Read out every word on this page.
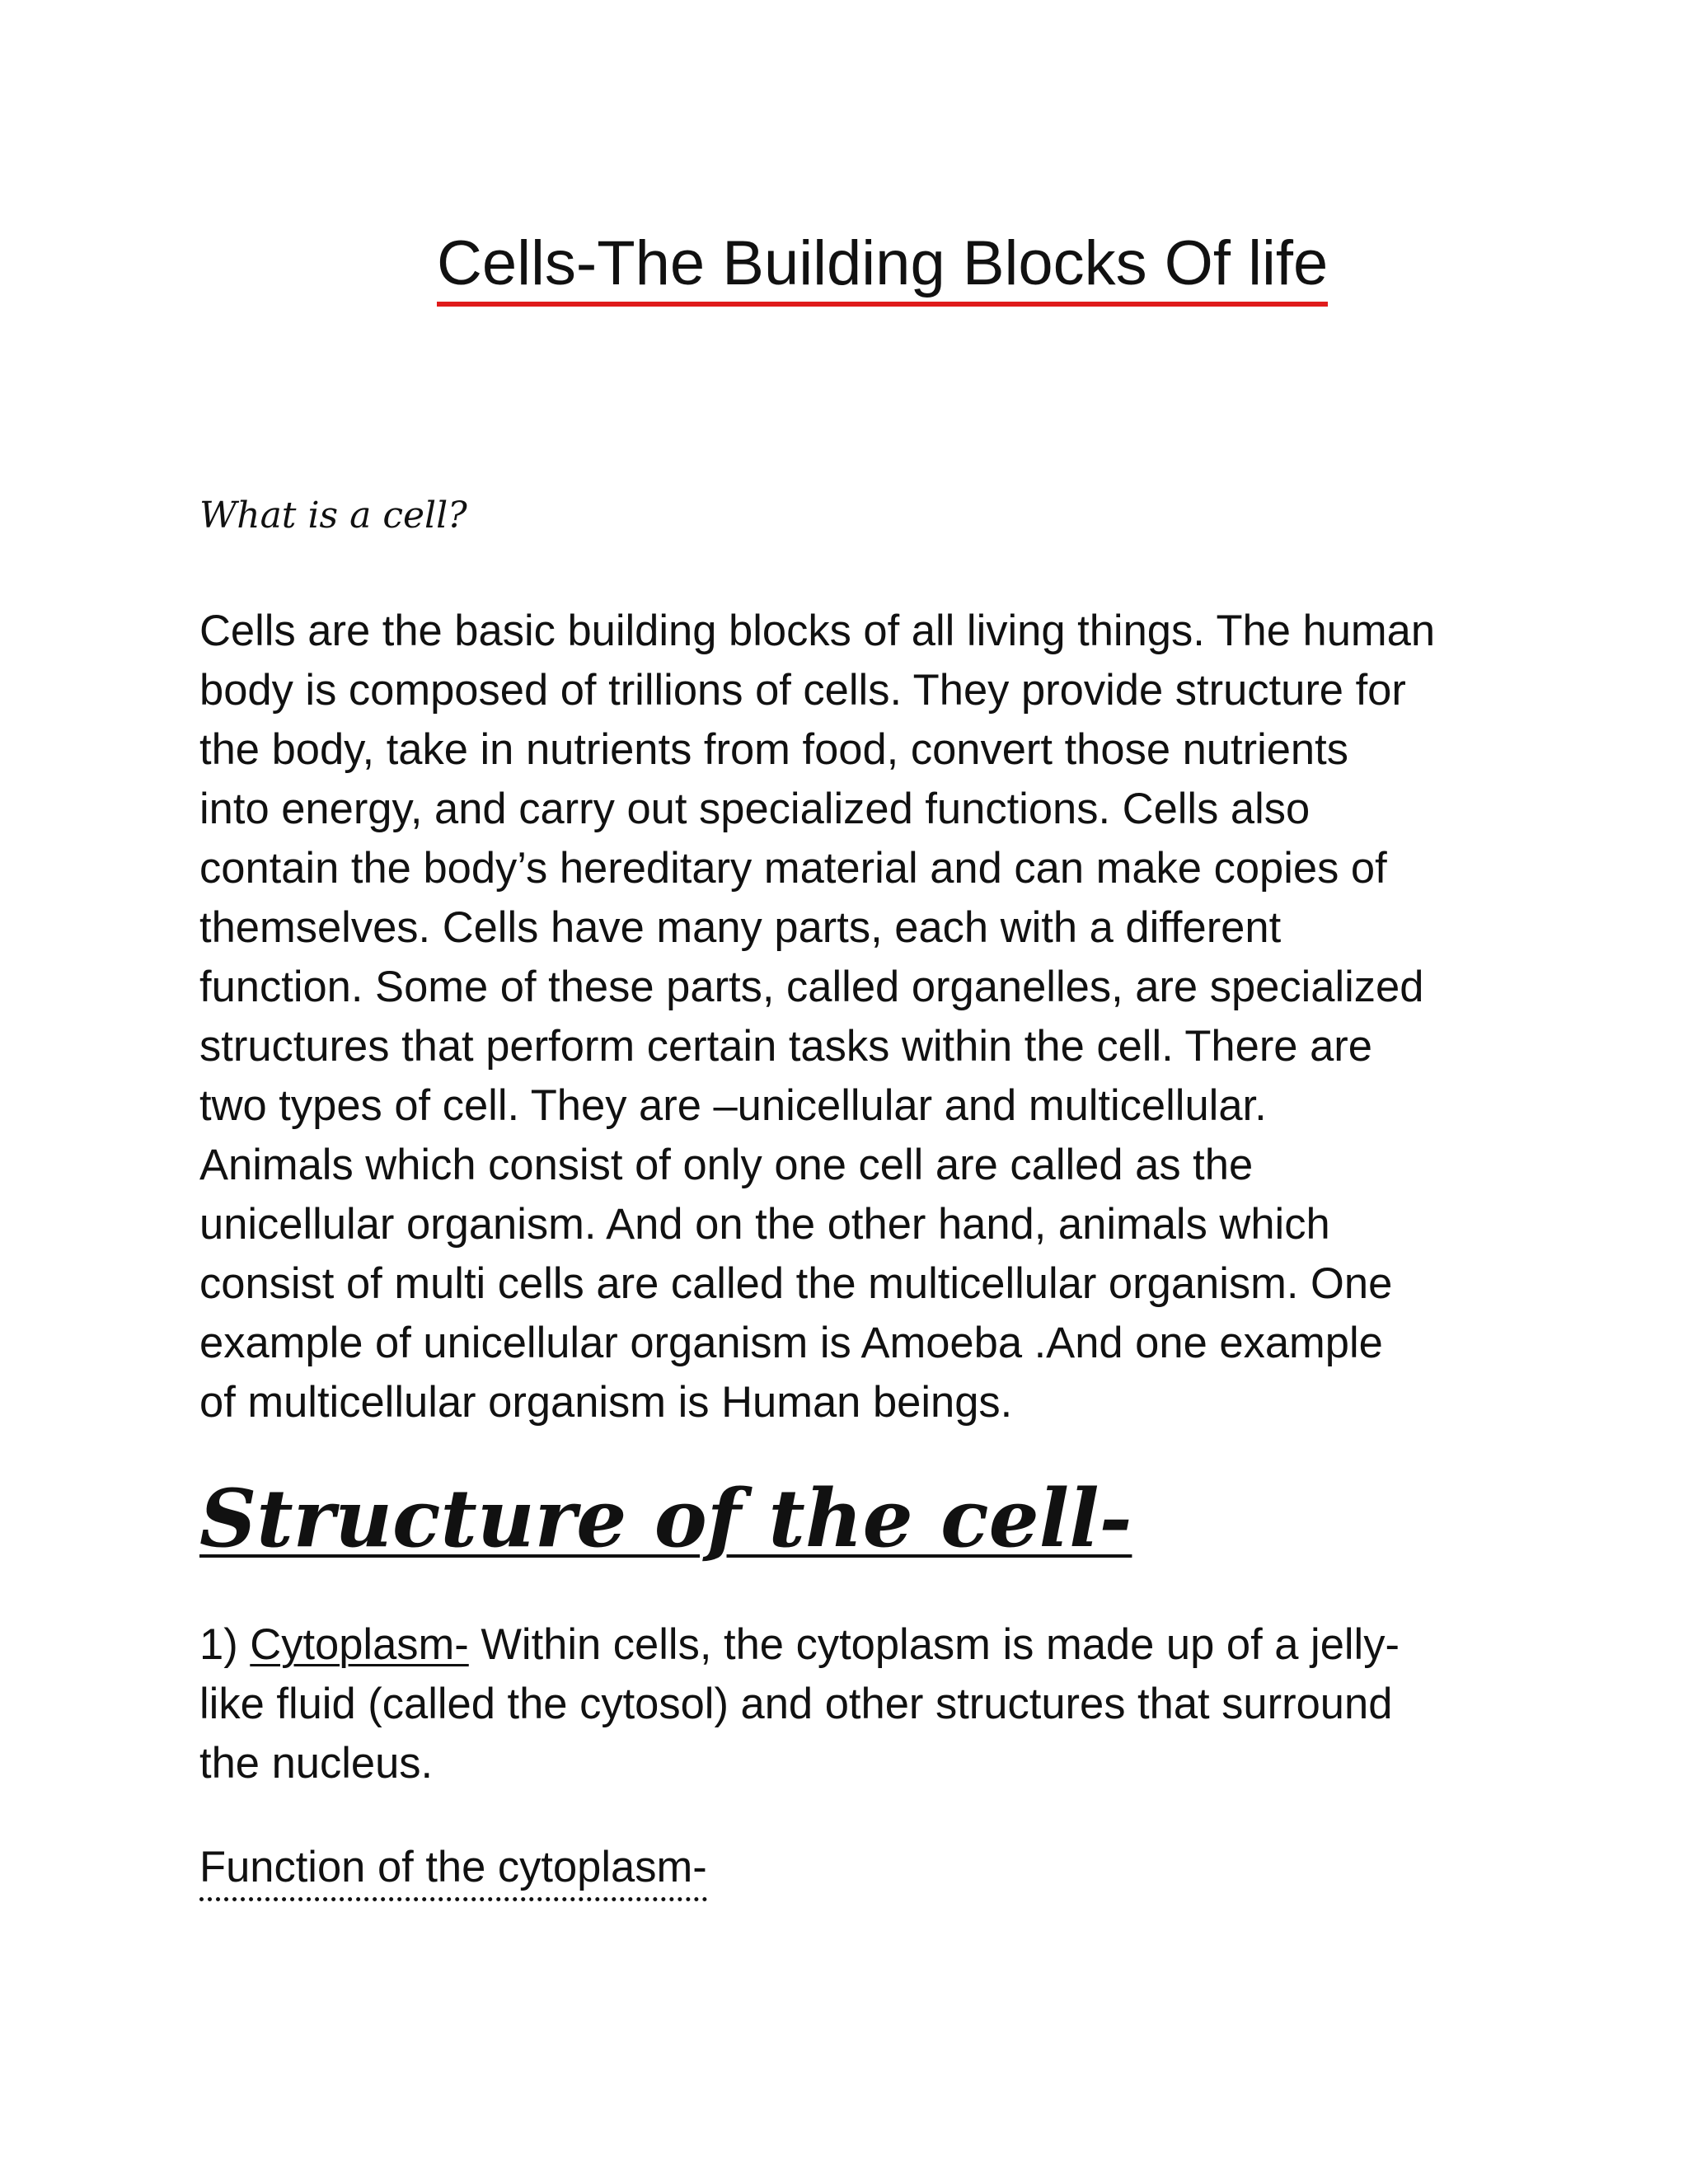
Cells-The Building Blocks Of life

What is a cell?

Cells are the basic building blocks of all living things. The human
body is composed of trillions of cells. They provide structure for
the body, take in nutrients from food, convert those nutrients
into energy, and carry out specialized functions. Cells also
contain the body’s hereditary material and can make copies of
themselves. Cells have many parts, each with a different
function. Some of these parts, called organelles, are specialized
structures that perform certain tasks within the cell. There are
two types of cell. They are –unicellular and multicellular.
Animals which consist of only one cell are called as the
unicellular organism. And on the other hand, animals which
consist of multi cells are called the multicellular organism. One
example of unicellular organism is Amoeba .And one example
of multicellular organism is Human beings.

Structure of the cell-

1) Cytoplasm- Within cells, the cytoplasm is made up of a jelly-
like fluid (called the cytosol) and other structures that surround
the nucleus.

Function of the cytoplasm-
